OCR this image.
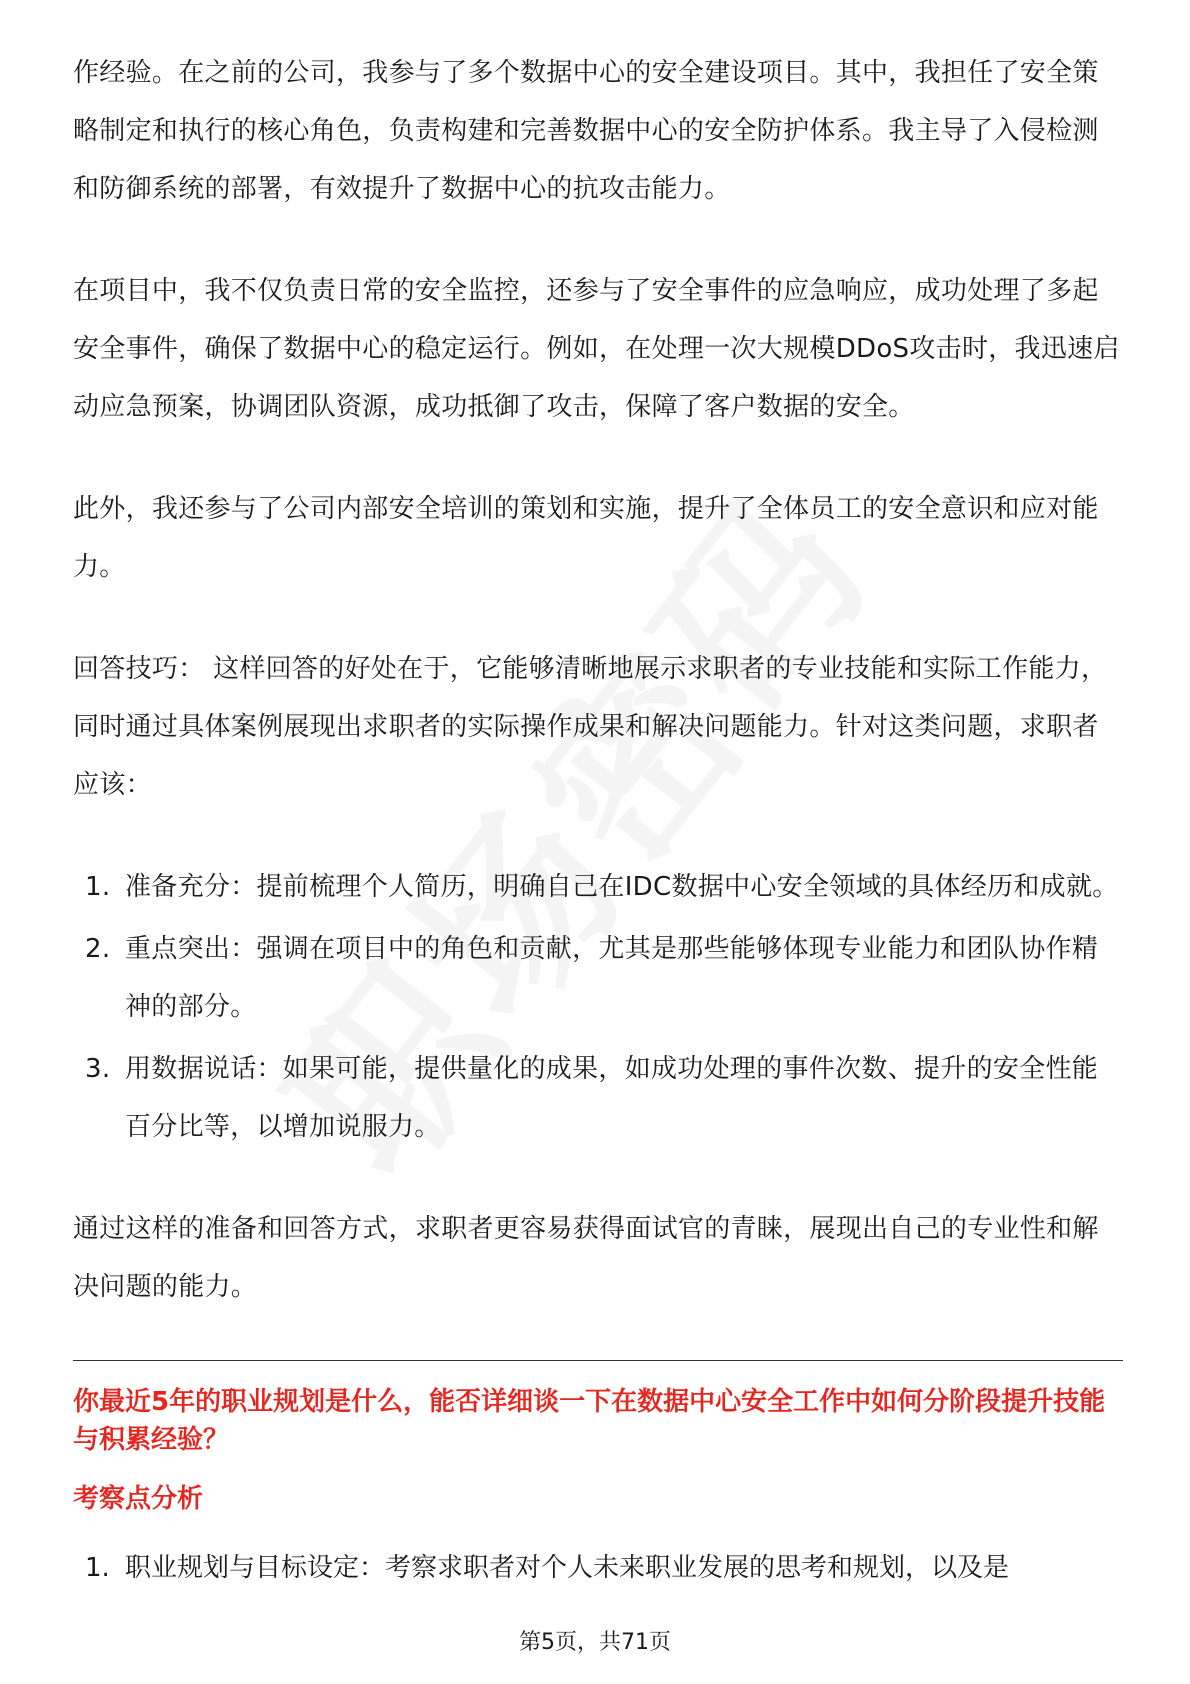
作经验。在之前的公司，我参与了多个数据中心的安全建设项目。其中，我担任了安全策略制定和执行的核心角色，负责构建和完善数据中心的安全防护体系。我主导了入侵检测和防御系统的部署，有效提升了数据中心的抗攻击能力。

在项目中，我不仅负责日常的安全监控，还参与了安全事件的应急响应，成功处理了多起安全事件，确保了数据中心的稳定运行。例如，在处理一次大规模DDoS攻击时，我迅速启动应急预案，协调团队资源，成功抵御了攻击，保障了客户数据的安全。

此外，我还参与了公司内部安全培训的策划和实施，提升了全体员工的安全意识和应对能力。

回答技巧： 这样回答的好处在于，它能够清晰地展示求职者的专业技能和实际工作能力，同时通过具体案例展现出求职者的实际操作成果和解决问题能力。针对这类问题，求职者应该：

1. 准备充分：提前梳理个人简历，明确自己在IDC数据中心安全领域的具体经历和成就。
2. 重点突出：强调在项目中的角色和贡献，尤其是那些能够体现专业能力和团队协作精神的部分。
3. 用数据说话：如果可能，提供量化的成果，如成功处理的事件次数、提升的安全性能百分比等，以增加说服力。

通过这样的准备和回答方式，求职者更容易获得面试官的青睐，展现出自己的专业性和解决问题的能力。

你最近5年的职业规划是什么，能否详细谈一下在数据中心安全工作中如何分阶段提升技能与积累经验？
考察点分析
1. 职业规划与目标设定：考察求职者对个人未来职业发展的思考和规划，以及是
第5页，共71页
